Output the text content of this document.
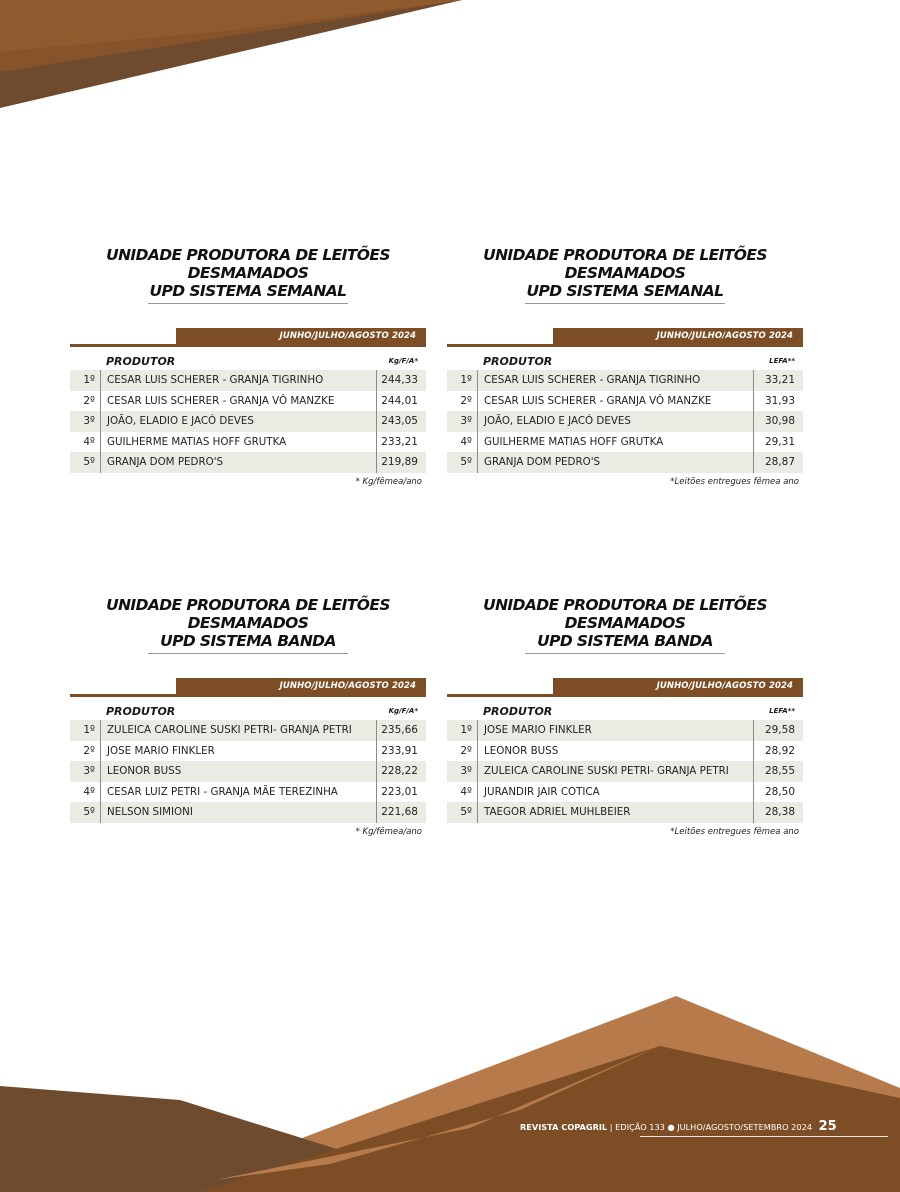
UNIDADE PRODUTORA DE LEITÕES
DESMAMADOS
UPD SISTEMA SEMANAL
JUNHO/JULHO/AGOSTO 2024
PRODUTOR	Kg/F/A*
1º	CESAR LUIS SCHERER - GRANJA TIGRINHO	244,33
2º	CESAR LUIS SCHERER - GRANJA VÔ MANZKE	244,01
3º	JOÃO, ELADIO E JACÓ DEVES	243,05
4º	GUILHERME MATIAS HOFF GRUTKA	233,21
5º	GRANJA DOM PEDRO'S	219,89
* Kg/fêmea/ano
UNIDADE PRODUTORA DE LEITÕES
DESMAMADOS
UPD SISTEMA SEMANAL
JUNHO/JULHO/AGOSTO 2024
PRODUTOR	LEFA**
1º	CESAR LUIS SCHERER - GRANJA TIGRINHO	33,21
2º	CESAR LUIS SCHERER - GRANJA VÔ MANZKE	31,93
3º	JOÃO, ELADIO E JACÓ DEVES	30,98
4º	GUILHERME MATIAS HOFF GRUTKA	29,31
5º	GRANJA DOM PEDRO'S	28,87
*Leitões entregues fêmea ano
UNIDADE PRODUTORA DE LEITÕES
DESMAMADOS
UPD SISTEMA BANDA
JUNHO/JULHO/AGOSTO 2024
PRODUTOR	Kg/F/A*
1º	ZULEICA CAROLINE SUSKI PETRI- GRANJA PETRI	235,66
2º	JOSE MARIO FINKLER	233,91
3º	LEONOR BUSS	228,22
4º	CESAR LUIZ PETRI - GRANJA MÃE TEREZINHA	223,01
5º	NELSON SIMIONI	221,68
* Kg/fêmea/ano
UNIDADE PRODUTORA DE LEITÕES
DESMAMADOS
UPD SISTEMA BANDA
JUNHO/JULHO/AGOSTO 2024
PRODUTOR	LEFA**
1º	JOSE MARIO FINKLER	29,58
2º	LEONOR BUSS	28,92
3º	ZULEICA CAROLINE SUSKI PETRI- GRANJA PETRI	28,55
4º	JURANDIR JAIR COTICA	28,50
5º	TAEGOR ADRIEL MUHLBEIER	28,38
*Leitões entregues fêmea ano
REVISTA COPAGRIL | EDIÇÃO 133 ● JULHO/AGOSTO/SETEMBRO 2024 25
